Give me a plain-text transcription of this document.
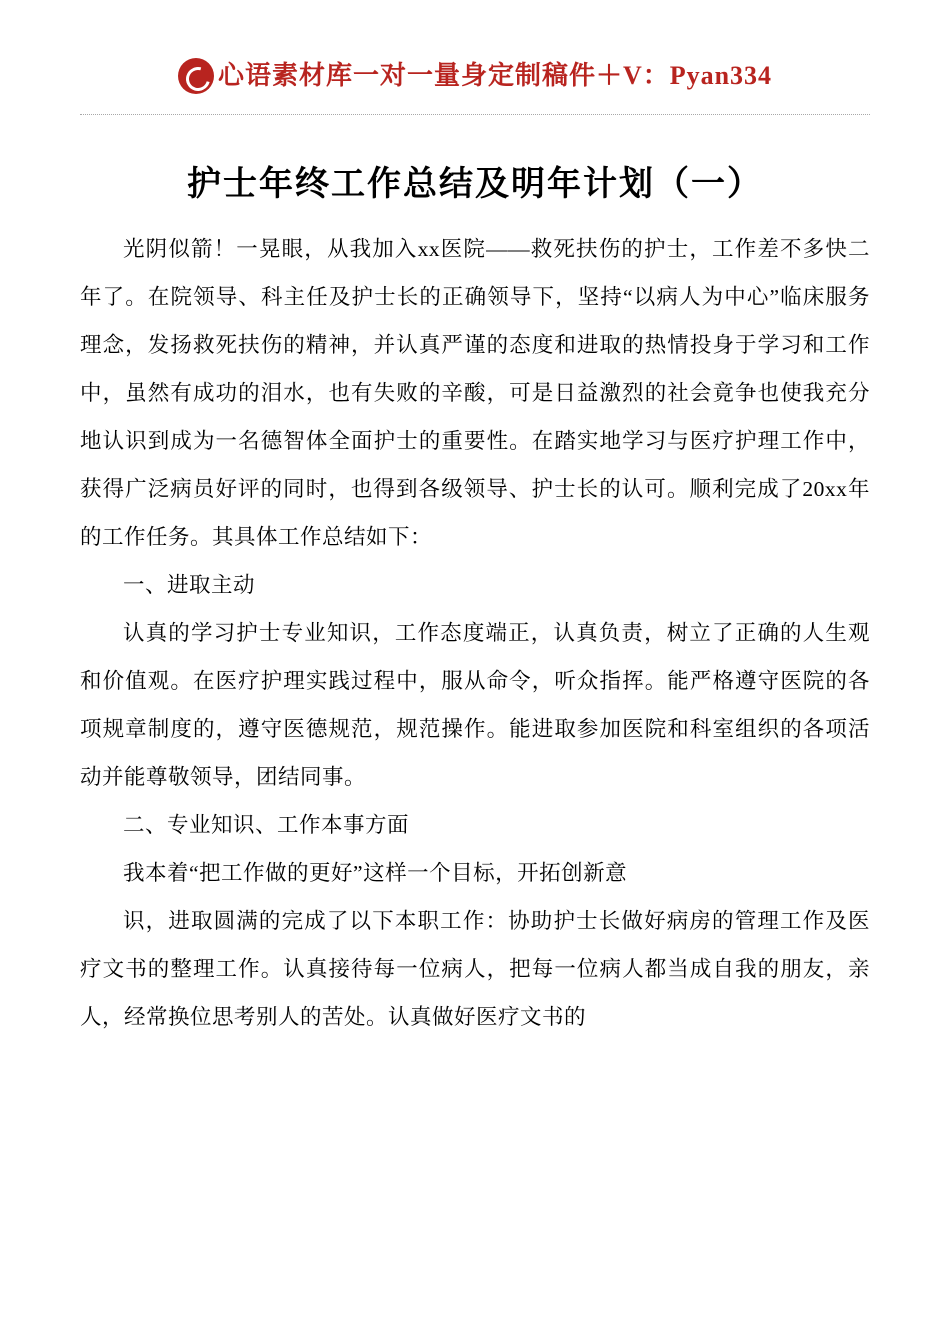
心语素材库一对一量身定制稿件＋V：Pyan334
护士年终工作总结及明年计划（一）

光阴似箭！一晃眼，从我加入xx医院——救死扶伤的护士，工作差不多快二年了。在院领导、科主任及护士长的正确领导下，坚持“以病人为中心”临床服务理念，发扬救死扶伤的精神，并认真严谨的态度和进取的热情投身于学习和工作中，虽然有成功的泪水，也有失败的辛酸，可是日益激烈的社会竟争也使我充分地认识到成为一名德智体全面护士的重要性。在踏实地学习与医疗护理工作中，获得广泛病员好评的同时，也得到各级领导、护士长的认可。顺利完成了20xx年的工作任务。其具体工作总结如下：

一、进取主动

认真的学习护士专业知识，工作态度端正，认真负责，树立了正确的人生观和价值观。在医疗护理实践过程中，服从命令，听众指挥。能严格遵守医院的各项规章制度的，遵守医德规范，规范操作。能进取参加医院和科室组织的各项活动并能尊敬领导，团结同事。

二、专业知识、工作本事方面

我本着“把工作做的更好”这样一个目标，开拓创新意

识，进取圆满的完成了以下本职工作：协助护士长做好病房的管理工作及医疗文书的整理工作。认真接待每一位病人，把每一位病人都当成自我的朋友，亲人，经常换位思考别人的苦处。认真做好医疗文书的
